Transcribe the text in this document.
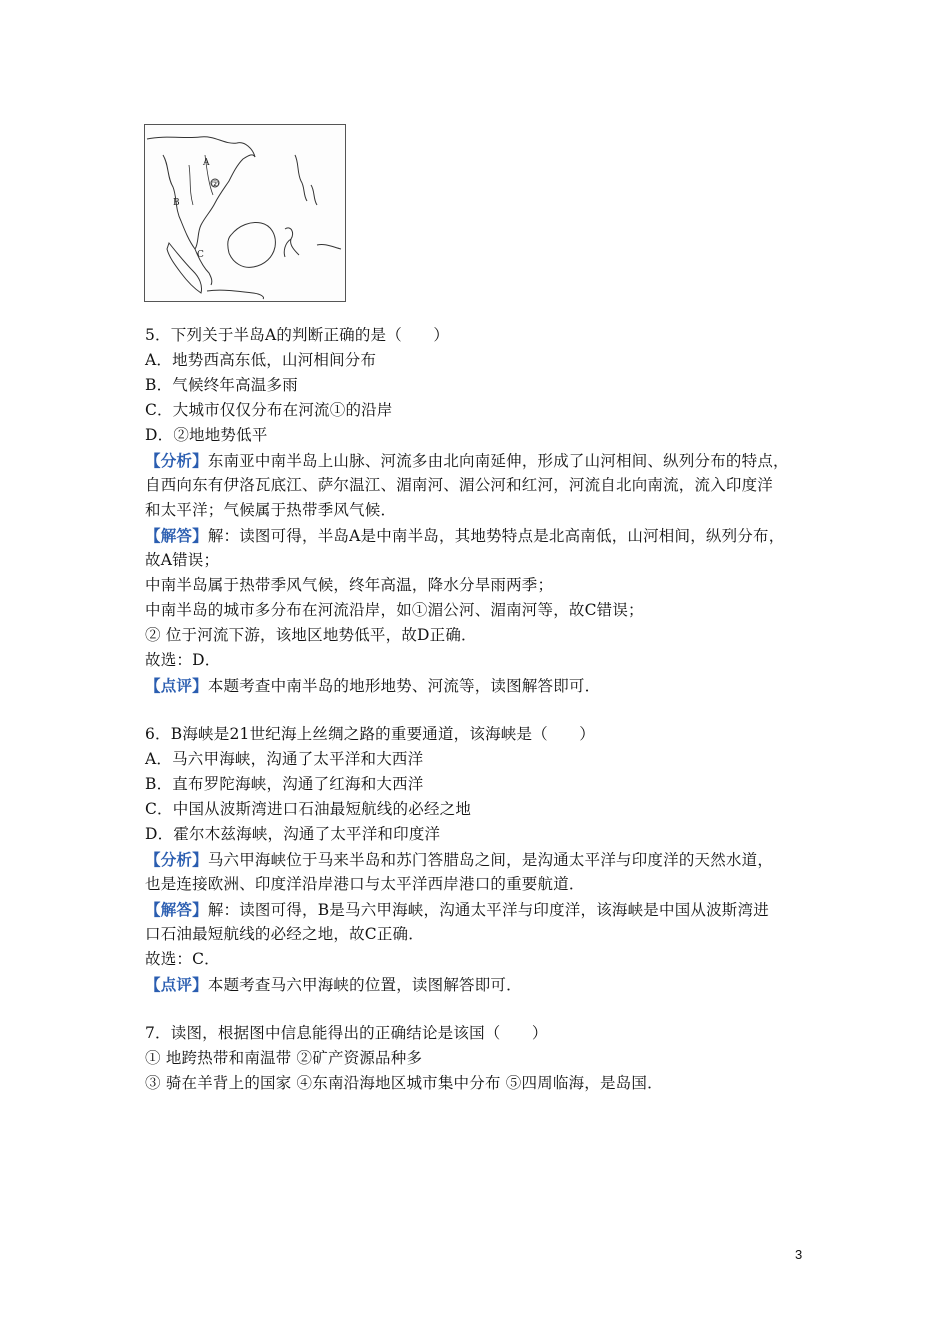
A
②
B
C
5．下列关于半岛A的判断正确的是（　　）
A．地势西高东低，山河相间分布
B．气候终年高温多雨
C．大城市仅仅分布在河流①的沿岸
D．②地地势低平
【分析】东南亚中南半岛上山脉、河流多由北向南延伸，形成了山河相间、纵列分布的特点，
自西向东有伊洛瓦底江、萨尔温江、湄南河、湄公河和红河，河流自北向南流，流入印度洋
和太平洋；气候属于热带季风气候．
【解答】解：读图可得，半岛A是中南半岛，其地势特点是北高南低，山河相间，纵列分布，
故A错误；
中南半岛属于热带季风气候，终年高温，降水分旱雨两季；
中南半岛的城市多分布在河流沿岸，如①湄公河、湄南河等，故C错误；
② 位于河流下游，该地区地势低平，故D正确．
故选：D．
【点评】本题考查中南半岛的地形地势、河流等，读图解答即可．
6．B海峡是21世纪海上丝绸之路的重要通道，该海峡是（　　）
A．马六甲海峡，沟通了太平洋和大西洋
B．直布罗陀海峡，沟通了红海和大西洋
C．中国从波斯湾进口石油最短航线的必经之地
D．霍尔木兹海峡，沟通了太平洋和印度洋
【分析】马六甲海峡位于马来半岛和苏门答腊岛之间，是沟通太平洋与印度洋的天然水道，
也是连接欧洲、印度洋沿岸港口与太平洋西岸港口的重要航道．
【解答】解：读图可得，B是马六甲海峡，沟通太平洋与印度洋，该海峡是中国从波斯湾进
口石油最短航线的必经之地，故C正确．
故选：C．
【点评】本题考查马六甲海峡的位置，读图解答即可．
7．读图，根据图中信息能得出的正确结论是该国（　　）
① 地跨热带和南温带 ②矿产资源品种多
③ 骑在羊背上的国家 ④东南沿海地区城市集中分布 ⑤四周临海，是岛国．
3
